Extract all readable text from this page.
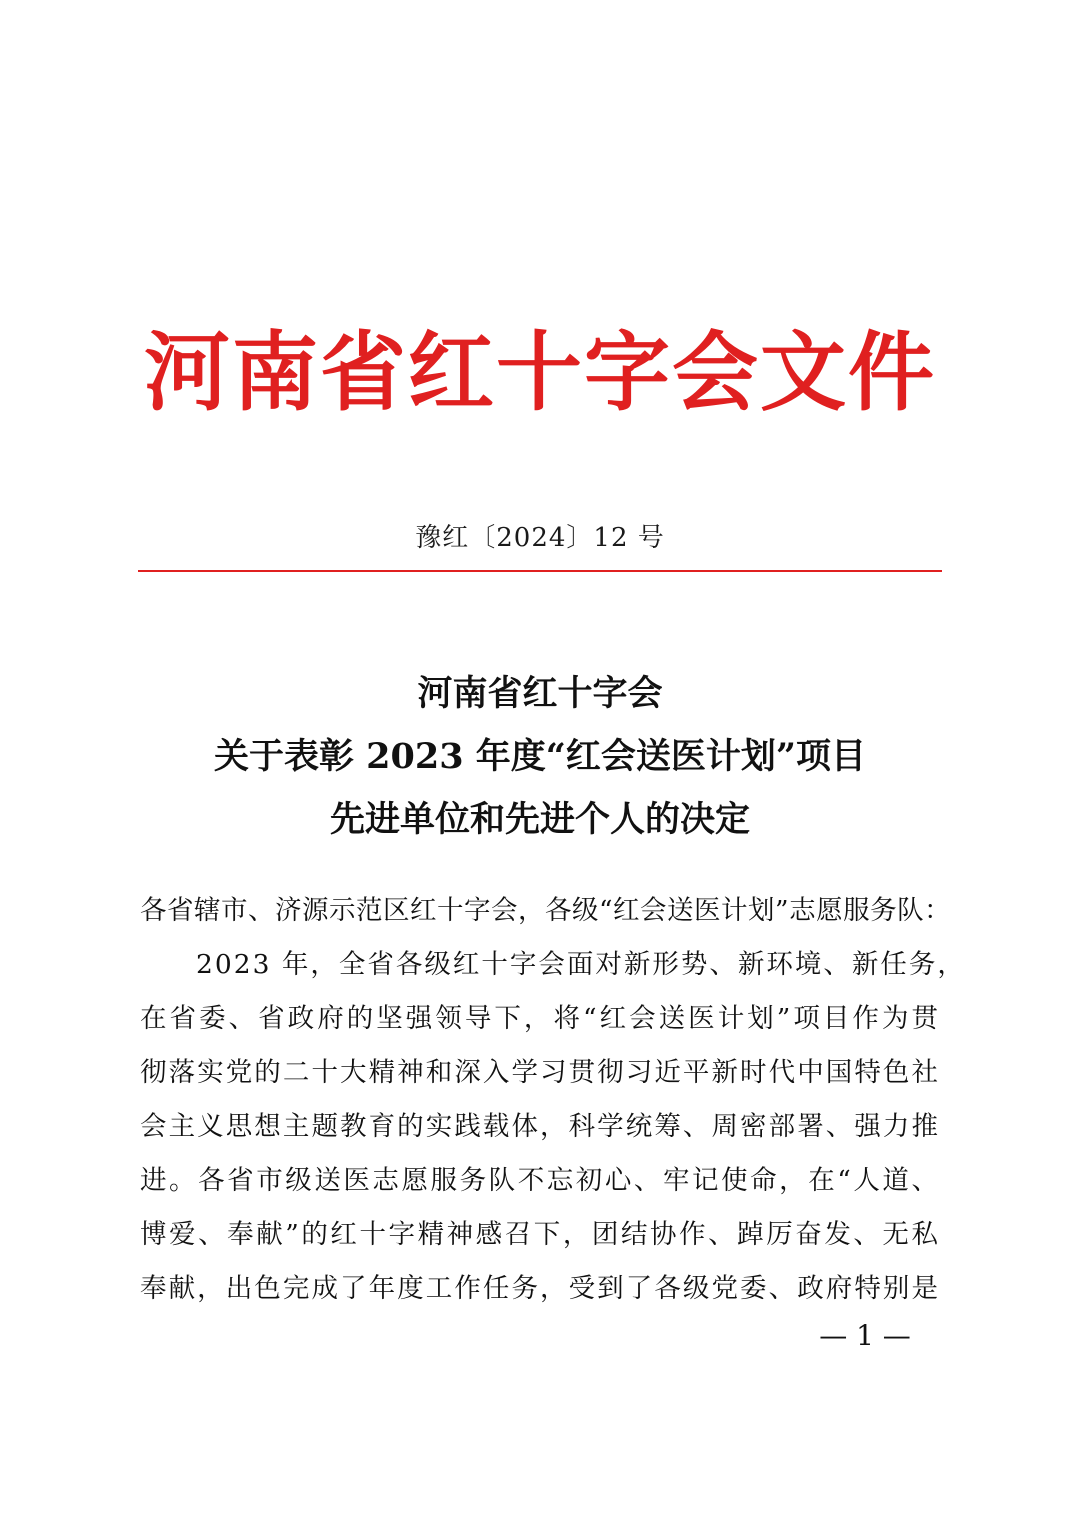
河南省红十字会文件
豫红〔2024〕12 号
河南省红十字会
关于表彰 2023 年度“红会送医计划”项目
先进单位和先进个人的决定
各省辖市、济源示范区红十字会，各级“红会送医计划”志愿服务队：
2023 年，全省各级红十字会面对新形势、新环境、新任务，
在省委、省政府的坚强领导下，将“红会送医计划”项目作为贯
彻落实党的二十大精神和深入学习贯彻习近平新时代中国特色社
会主义思想主题教育的实践载体，科学统筹、周密部署、强力推
进。各省市级送医志愿服务队不忘初心、牢记使命，在“人道、
博爱、奉献”的红十字精神感召下，团结协作、踔厉奋发、无私
奉献，出色完成了年度工作任务，受到了各级党委、政府特别是
— 1 —
